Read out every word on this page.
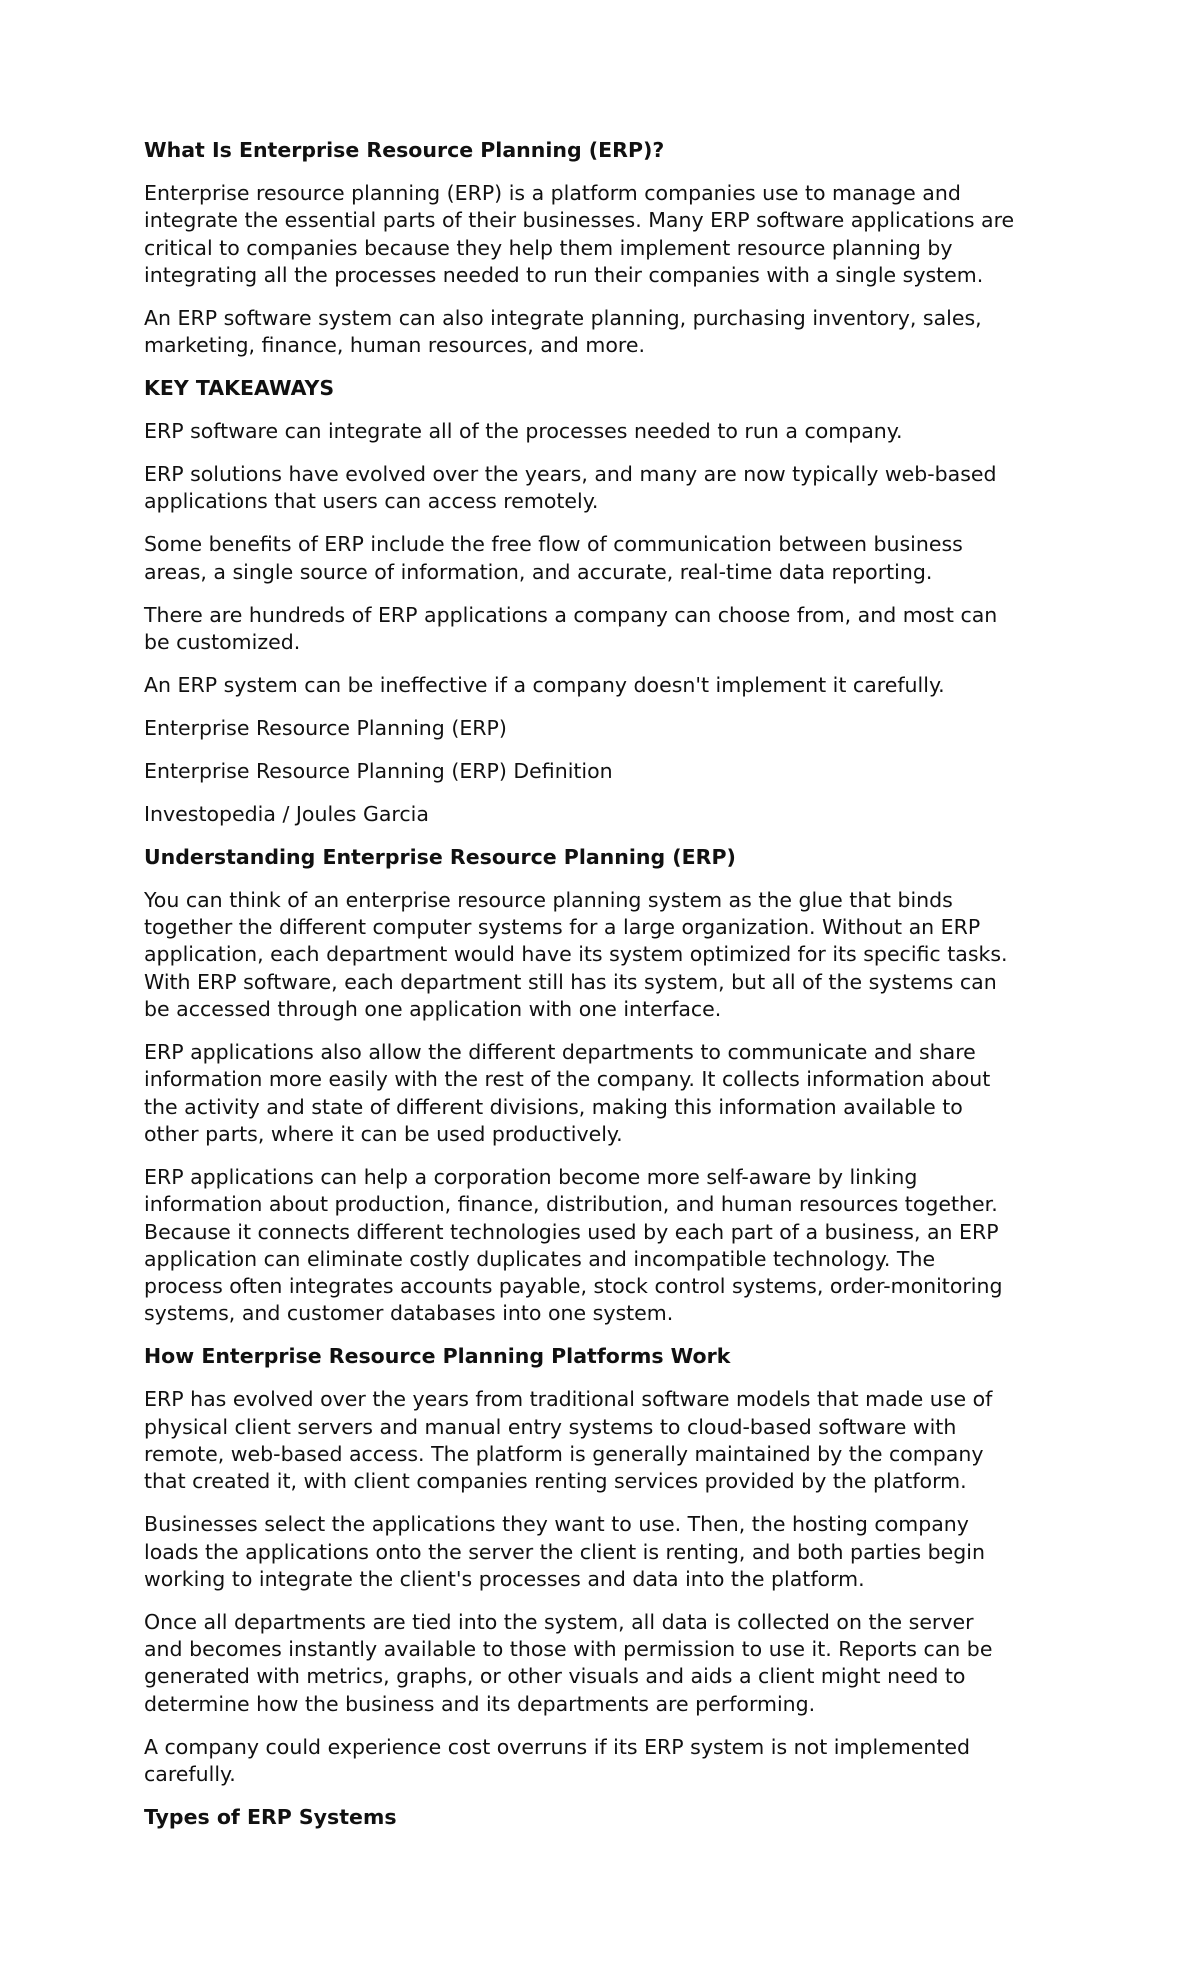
What Is Enterprise Resource Planning (ERP)?

Enterprise resource planning (ERP) is a platform companies use to manage and
integrate the essential parts of their businesses. Many ERP software applications are
critical to companies because they help them implement resource planning by
integrating all the processes needed to run their companies with a single system.

An ERP software system can also integrate planning, purchasing inventory, sales,
marketing, finance, human resources, and more.

KEY TAKEAWAYS

ERP software can integrate all of the processes needed to run a company.

ERP solutions have evolved over the years, and many are now typically web-based
applications that users can access remotely.

Some benefits of ERP include the free flow of communication between business
areas, a single source of information, and accurate, real-time data reporting.

There are hundreds of ERP applications a company can choose from, and most can
be customized.

An ERP system can be ineffective if a company doesn't implement it carefully.

Enterprise Resource Planning (ERP)

Enterprise Resource Planning (ERP) Definition

Investopedia / Joules Garcia

Understanding Enterprise Resource Planning (ERP)

You can think of an enterprise resource planning system as the glue that binds
together the different computer systems for a large organization. Without an ERP
application, each department would have its system optimized for its specific tasks.
With ERP software, each department still has its system, but all of the systems can
be accessed through one application with one interface.

ERP applications also allow the different departments to communicate and share
information more easily with the rest of the company. It collects information about
the activity and state of different divisions, making this information available to
other parts, where it can be used productively.

ERP applications can help a corporation become more self-aware by linking
information about production, finance, distribution, and human resources together.
Because it connects different technologies used by each part of a business, an ERP
application can eliminate costly duplicates and incompatible technology. The
process often integrates accounts payable, stock control systems, order-monitoring
systems, and customer databases into one system.

How Enterprise Resource Planning Platforms Work

ERP has evolved over the years from traditional software models that made use of
physical client servers and manual entry systems to cloud-based software with
remote, web-based access. The platform is generally maintained by the company
that created it, with client companies renting services provided by the platform.

Businesses select the applications they want to use. Then, the hosting company
loads the applications onto the server the client is renting, and both parties begin
working to integrate the client's processes and data into the platform.

Once all departments are tied into the system, all data is collected on the server
and becomes instantly available to those with permission to use it. Reports can be
generated with metrics, graphs, or other visuals and aids a client might need to
determine how the business and its departments are performing.

A company could experience cost overruns if its ERP system is not implemented
carefully.

Types of ERP Systems
